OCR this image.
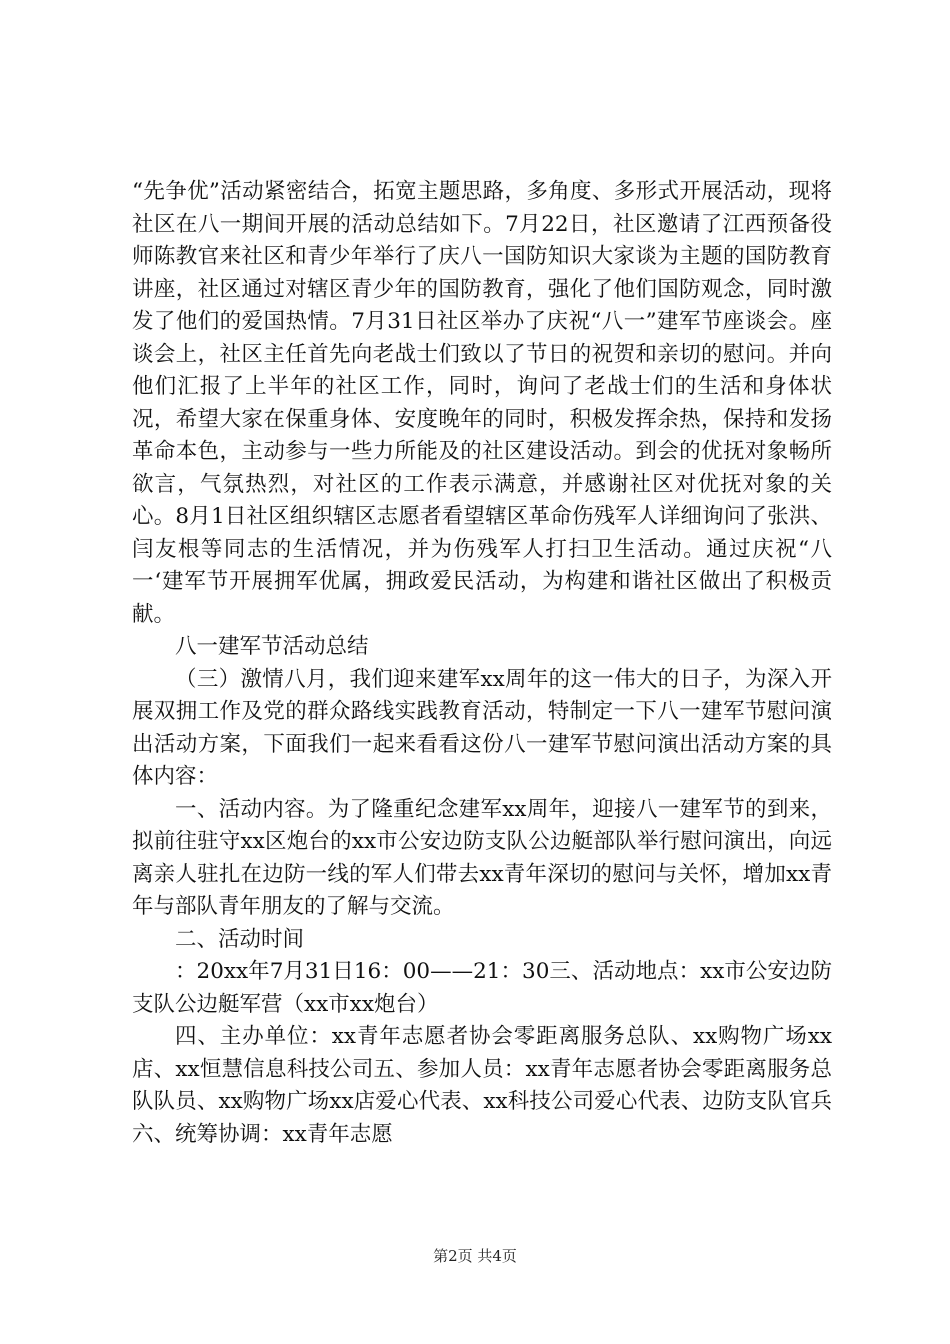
“先争优”活动紧密结合，拓宽主题思路，多角度、多形式开展活动，现将社区在八一期间开展的活动总结如下。7月22日，社区邀请了江西预备役师陈教官来社区和青少年举行了庆八一国防知识大家谈为主题的国防教育讲座，社区通过对辖区青少年的国防教育，强化了他们国防观念，同时激发了他们的爱国热情。7月31日社区举办了庆祝“八一”建军节座谈会。座谈会上，社区主任首先向老战士们致以了节日的祝贺和亲切的慰问。并向他们汇报了上半年的社区工作，同时，询问了老战士们的生活和身体状况，希望大家在保重身体、安度晚年的同时，积极发挥余热，保持和发扬革命本色，主动参与一些力所能及的社区建设活动。到会的优抚对象畅所欲言，气氛热烈，对社区的工作表示满意，并感谢社区对优抚对象的关心。8月1日社区组织辖区志愿者看望辖区革命伤残军人详细询问了张洪、闫友根等同志的生活情况，并为伤残军人打扫卫生活动。通过庆祝“八一‘建军节开展拥军优属，拥政爱民活动，为构建和谐社区做出了积极贡献。

八一建军节活动总结

（三）激情八月，我们迎来建军xx周年的这一伟大的日子，为深入开展双拥工作及党的群众路线实践教育活动，特制定一下八一建军节慰问演出活动方案，下面我们一起来看看这份八一建军节慰问演出活动方案的具体内容：

一、活动内容。为了隆重纪念建军xx周年，迎接八一建军节的到来，拟前往驻守xx区炮台的xx市公安边防支队公边艇部队举行慰问演出，向远离亲人驻扎在边防一线的军人们带去xx青年深切的慰问与关怀，增加xx青年与部队青年朋友的了解与交流。

二、活动时间

：20xx年7月31日16：00——21：30三、活动地点：xx市公安边防支队公边艇军营（xx市xx炮台）

四、主办单位：xx青年志愿者协会零距离服务总队、xx购物广场xx店、xx恒慧信息科技公司五、参加人员：xx青年志愿者协会零距离服务总队队员、xx购物广场xx店爱心代表、xx科技公司爱心代表、边防支队官兵六、统筹协调：xx青年志愿

第2页 共4页
